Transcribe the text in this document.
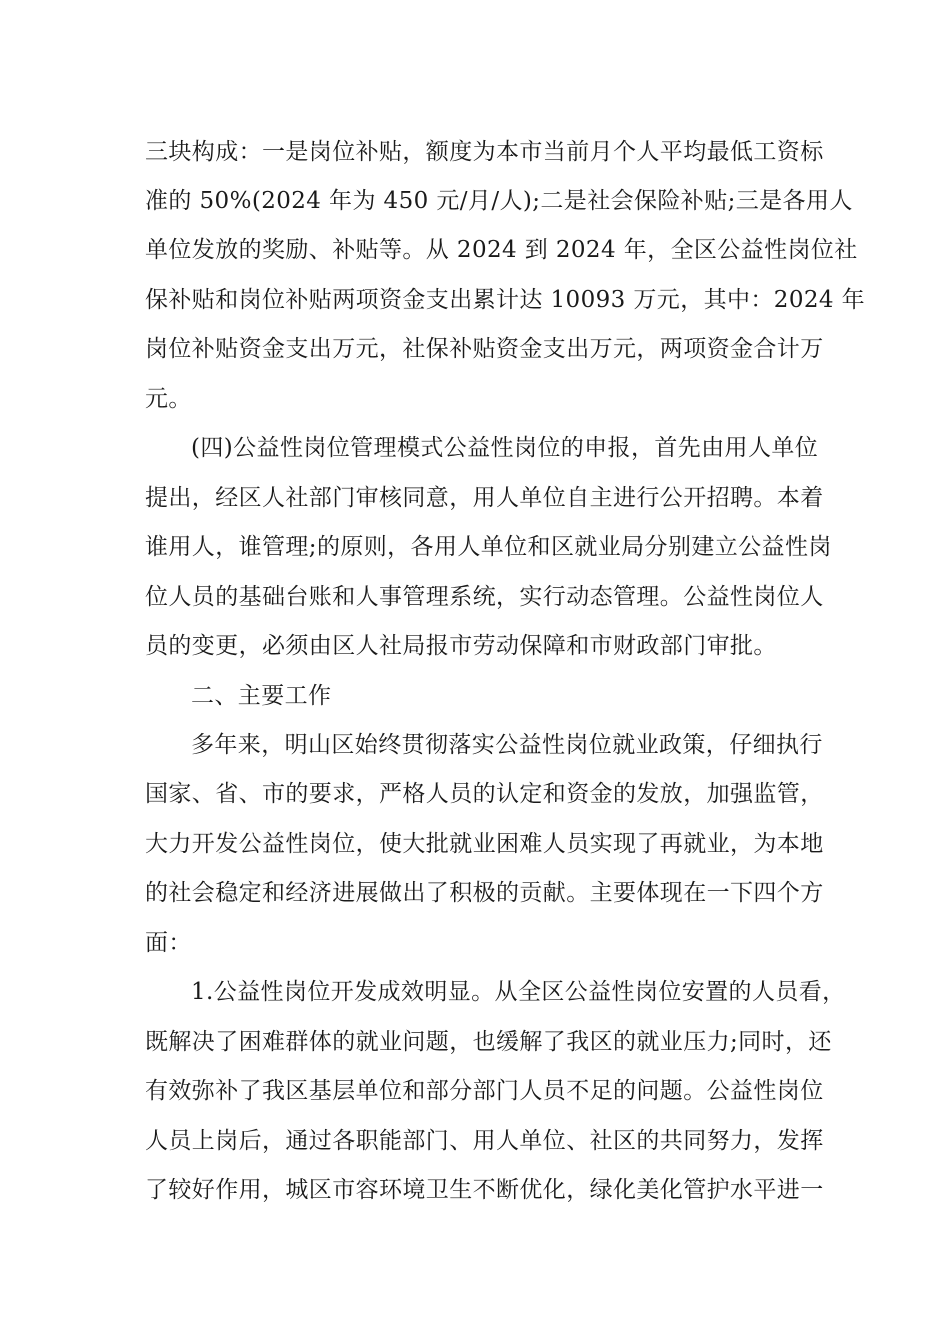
三块构成：一是岗位补贴，额度为本市当前月个人平均最低工资标
准的 50%(2024 年为 450 元/月/人);二是社会保险补贴;三是各用人
单位发放的奖励、补贴等。从 2024 到 2024 年，全区公益性岗位社
保补贴和岗位补贴两项资金支出累计达 10093 万元，其中：2024 年
岗位补贴资金支出万元，社保补贴资金支出万元，两项资金合计万
元。
(四)公益性岗位管理模式公益性岗位的申报，首先由用人单位
提出，经区人社部门审核同意，用人单位自主进行公开招聘。本着
谁用人，谁管理;的原则，各用人单位和区就业局分别建立公益性岗
位人员的基础台账和人事管理系统，实行动态管理。公益性岗位人
员的变更，必须由区人社局报市劳动保障和市财政部门审批。
二、主要工作
多年来，明山区始终贯彻落实公益性岗位就业政策，仔细执行
国家、省、市的要求，严格人员的认定和资金的发放，加强监管，
大力开发公益性岗位，使大批就业困难人员实现了再就业，为本地
的社会稳定和经济进展做出了积极的贡献。主要体现在一下四个方
面：
1.公益性岗位开发成效明显。从全区公益性岗位安置的人员看，
既解决了困难群体的就业问题，也缓解了我区的就业压力;同时，还
有效弥补了我区基层单位和部分部门人员不足的问题。公益性岗位
人员上岗后，通过各职能部门、用人单位、社区的共同努力，发挥
了较好作用，城区市容环境卫生不断优化，绿化美化管护水平进一
